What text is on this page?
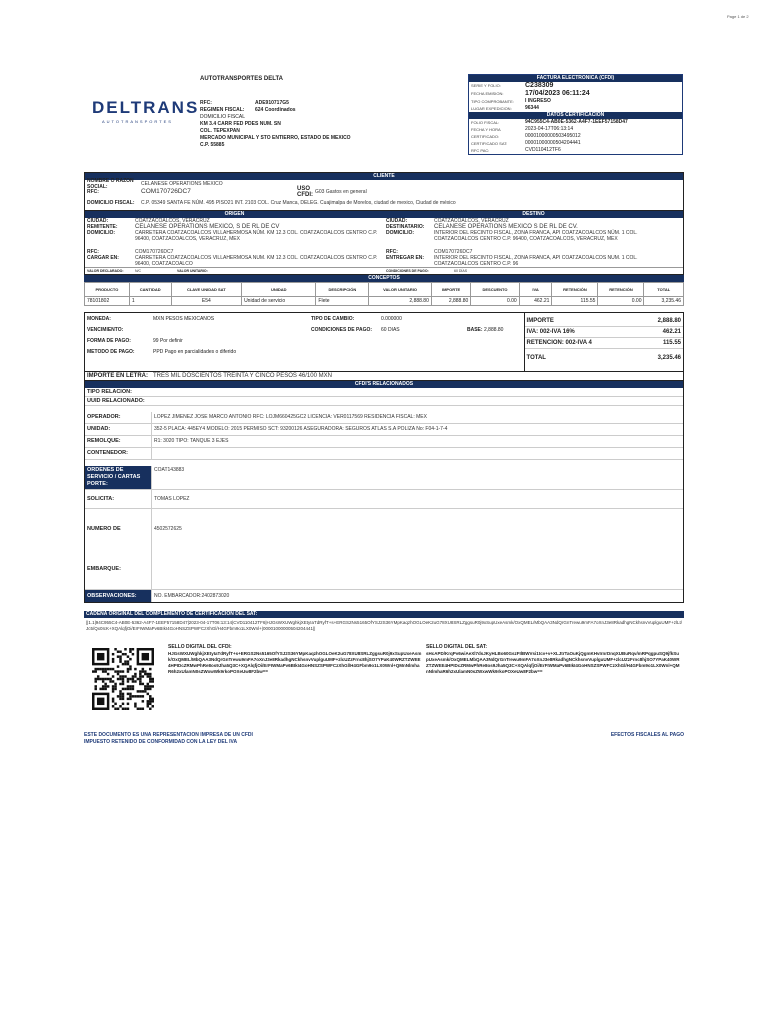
Page 1 de 2
DELTRANS
AUTOTRANSPORTES
AUTOTRANSPORTES DELTA
RFC:	ADE910717G5
REGIMEN FISCAL:	624 Coordinados
DOMICILIO FISCAL
KM 3.4 CARR FED PDES NUM. SN
COL. TEPEXPAN
MERCADO MUNICIPAL Y STO ENTIERRO, ESTADO DE MEXICO
C.P. 55885
FACTURA ELECTRONICA (CFDI)
SERIE Y FOLIO:	C238309
FECHA EMISION:	17/04/2023 06:11:24
TIPO COMPROBANTE:	I INGRESO
LUGAR EXPEDICION:	96344
DATOS CERTIFICACION
FOLIO FISCAL:	94C955C4-AB0E-5362-A4F7-1EEF57158D47
FECHA Y HORA	2023-04-17T06:13:14
CERTIFICADO:	00001000000503495012
CERTIFICADO SAT:	00001000000504204441
RFC PAC:	CVD110412TF6
CLIENTE
NOMBRE O RAZON SOCIAL:	CELANESE OPERATIONS MEXICO
RFC:	COM170726DC7	USO CFDI: G03 Gastos en general
DOMICILIO FISCAL:	C.P. 05349 SANTA FE NÚM. 495 PISO21 INT. 2103 COL. Cruz Manca, DELEG. Cuajimalpa de Morelos, ciudad de mexico, Ciudad de méxico
ORIGEN	DESTINO
CIUDAD:	COATZACOALCOS, VERACRUZ
REMITENTE:	CELANESE OPERATIONS MEXICO, S DE RL DE CV
DOMICILIO:	CARRETERA COATZACOALCOS VILLAHERMOSA NÚM. KM 12.3 COL. COATZACOALCOS CENTRO C.P. 96400, COATZACOALCOS, VERACRUZ, MEX
RFC:	COM170726DC7
CARGAR EN:	CARRETERA COATZACOALCOS VILLAHERMOSA NÚM. KM 12.3 COL. COATZACOALCOS CENTRO C.P. 96400, COATZACOALCO
VALOR DECLARADO:	N/C	VALOR UNITARIO:
CIUDAD:	COATZACOALCOS, VERACRUZ
DESTINATARIO:	CELANESE OPERATIONS MEXICO S DE RL DE CV.
DOMICILIO:	INTERIOR DEL RECINTO FISCAL, ZONA FRANCA, API COATZACOALCOS NÚM. 1 COL. COATZACOALCOS CENTRO C.P. 96400, COATZACOALCOS, VERACRUZ, MEX
RFC:	COM170726DC7
ENTREGAR EN:	INTERIOR DEL RECINTO FISCAL, ZONA FRANCA, API COATZACOALCOS NÚM. 1 COL. COATZACOALCOS CENTRO C.P. 96
CONDICIONES DE PAGO:	60 DÍAS
CONCEPTOS
PRODUCTO	CANTIDAD	CLAVE UNIDAD SAT	UNIDAD	DESCRIPCIÓN	VALOR UNITARIO	IMPORTE	DESCUENTO	IVA	RETENCIÓN	RETENCIÓN	TOTAL
78101802	1	E54	Unidad de servicio	Flete	2,888.80	2,888.80	0.00	462.21	115.55	0.00	3,235.46
MONEDA:	MXN PESOS MEXICANOS	TIPO DE CAMBIO:	0.000000
VENCIMIENTO:	CONDICIONES DE PAGO: 60 DIAS	BASE:2,888.80
FORMA DE PAGO:	99 Por definir
METODO DE PAGO:	PPD Pago en parcialidades o diferido
IMPORTE	2,888.80
IVA: 002-IVA 16%	462.21
RETENCION: 002-IVA 4	115.55
TOTAL	3,235.46
IMPORTE EN LETRA: TRES MIL DOSCIENTOS TREINTA Y CINCO PESOS 46/100 MXN
CFDI'S RELACIONADOS
TIPO RELACION:
UUID RELACIONADO:
OPERADOR:	LOPEZ JIMENEZ JOSE MARCO ANTONIO RFC: LOJM660425GC2 LICENCIA: VER0117569 RESIDENCIA FISCAL: MEX
UNIDAD:	352-5 PLACA: 445EY4 MODELO: 2015 PERMISO SCT: 93200126 ASEGURADORA: SEGUROS ATLAS S.A POLIZA No: F04-1-7-4
REMOLQUE:	R1: 3020 TIPO: TANQUE 3 EJES
CONTENEDOR:
ORDENES DE SERVICIO / CARTAS PORTE:
COAT143883
SOLICITA:	TOMAS LOPEZ
NUMERO DE EMBARQUE:
4502572625
OBSERVACIONES:	NO. EMBARCADOR:2402873020
CADENA ORIGINAL DEL COMPLEMENTO DE CERTIFICACION DEL SAT:
||1.1|94C955C4-AB0E-5362-A4F7-1EEF57158D47|2023-04-17T06:13:14|CVD110412TF6|HJGsWXUWghkjXEtyIaTdRyfT+s+ERGS2Ns5165OfYSJ2S36YMpKaqzhOGLOeK2uG78XU8SRLZggsuR0j9xSupUxeAsmk/OxQMEL/MbQAA3NdQrGnTrewu9mFA7oXnJ3e8RkadhgNCkhsnvVuplguUMF+zlLt/Jc5/Qx0IcK+XQAlqfjOi/ErFIWMaPv6BIkI4GoHNSZSPWFCzXhGl/H4GFbm9o1LX0Wnl+|00001000000504204441||
SELLO DIGITAL DEL CFDI:
HJGsWXUWghkjXEtyIaTdRyfT+s+ERGS2Ns5165OfYSJ2S36YMpKaqzhOGLOeK2uG78XU8SRLZggsuR0j9xSupUxeAsmk/OxQMEL/MbQAA3NdQrGnTrewu9mFA7oXnJ3e8RkadhgNCkhsnvVuplguUMF+zlcUZzFrnc8hjSO7YPaK40WRZTZWEE4HPIDcZRMwPhRe8os9Jha5Q3C+XQAlqfjOi/ErFIWMaPv6BIkI4GoHNSZSPWFCzXhGl/H4GFbm9o1LX0Wnl+QMnNlmhaR6h2xUlamN0sZWxwWk9rkoPOXeUw8F2bw==
SELLO DIGITAL DEL SAT:
sHcAPD/KrqPv6wiAeXl7dsJKyHLBo60GszFIlBWVsi1tcv+v+XLJtrTaOuKjQgmKHvIrnrDnqXUBuRqv/mRPqgpuSQ9jfkSupUxeAsmk/OxQMELMbQAA3NdQrGnTrewu9mFA7oXnJ3e8RkadhgNCkhsnvVuplguUMF+zlcUZzFrnc8hjSO7YPaK40WRZTZWEE4HPIDcZRMwPhRe8os9Jha5Q3C+XQAlqfjOi/ErFIWMaPv6BIkI4GoHNSZSPWFCzXhGl/H4GFbm9o1LX0Wnl+QMnNlmhaR6h2xUlamN0sZWxwWk9rkoPOXeUw8F2bw==
ESTE DOCUMENTO ES UNA REPRESENTACION IMPRESA DE UN CFDI
IMPUESTO RETENIDO DE CONFORMIDAD CON LA LEY DEL IVA
EFECTOS FISCALES AL PAGO
